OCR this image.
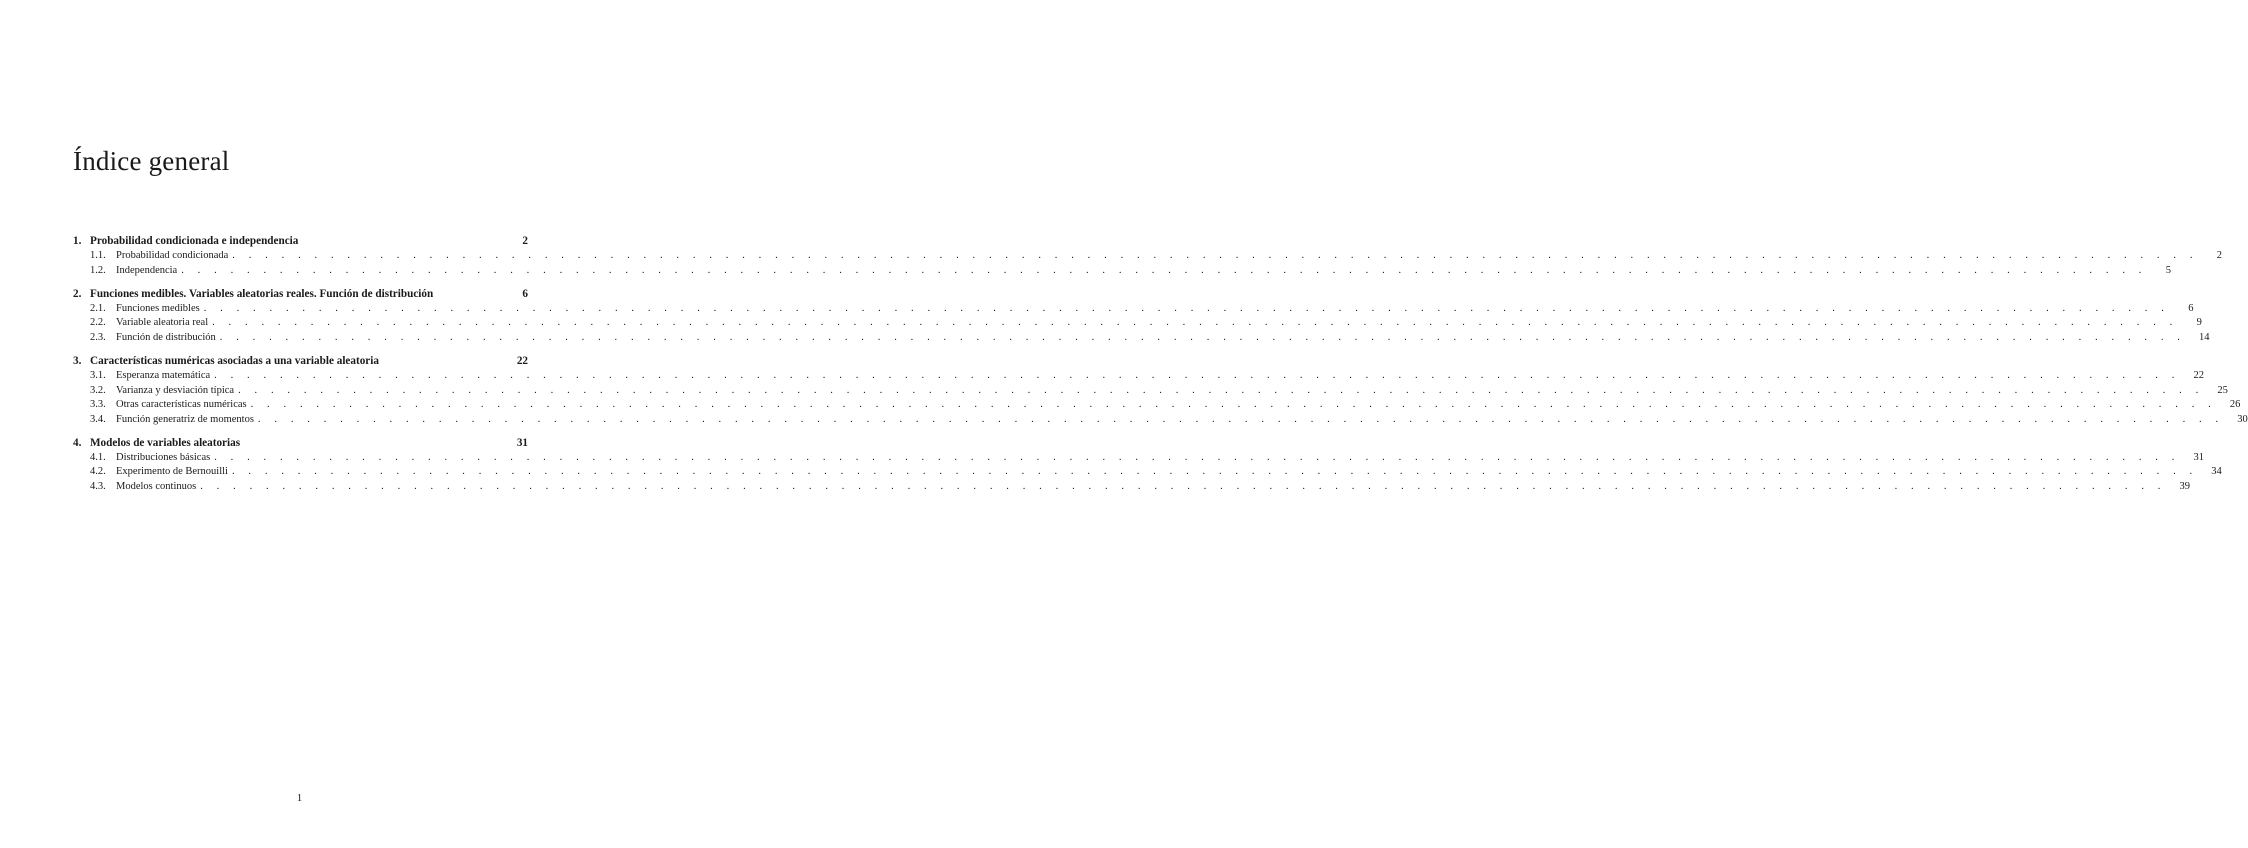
Índice general
1. Probabilidad condicionada e independencia	2
1.1. Probabilidad condicionada . . . . . . . . . . . . . . . . . . . . . . . . . . . . . . . . . . . . . . . . . . . . . . . . . . . . . . . . . . . . . . . . . . . . . . . . . . . . . . . . . . . . . . . . . . . . . . . . . . . . . . . . . . . . . . . . . . . . . . . .	2
1.2. Independencia . . . . . . . . . . . . . . . . . . . . . . . . . . . . . . . . . . . . . . . . . . . . . . . . . . . . . . . . . . . . . . . . . . . . . . . . . . . . . . . . . . . . . . . . . . . . . . . . . . . . . . . . . . . . . . . . . . . . . . . .	5
2. Funciones medibles. Variables aleatorias reales. Función de distribución	6
2.1. Funciones medibles . . . . . . . . . . . . . . . . . . . . . . . . . . . . . . . . . . . . . . . . . . . . . . . . . . . . . . . . . . . . . . . . . . . . . . . . . . . . . . . . . . . . . . . . . . . . . . . . . . . . . . . . . . . . . . . . . . . . . . . .	6
2.2. Variable aleatoria real . . . . . . . . . . . . . . . . . . . . . . . . . . . . . . . . . . . . . . . . . . . . . . . . . . . . . . . . . . . . . . . . . . . . . . . . . . . . . . . . . . . . . . . . . . . . . . . . . . . . . . . . . . . . . . . . . . . . . . . .	9
2.3. Función de distribución . . . . . . . . . . . . . . . . . . . . . . . . . . . . . . . . . . . . . . . . . . . . . . . . . . . . . . . . . . . . . . . . . . . . . . . . . . . . . . . . . . . . . . . . . . . . . . . . . . . . . . . . . . . . . . . . . . . . . . . .	14
3. Características numéricas asociadas a una variable aleatoria	22
3.1. Esperanza matemática . . . . . . . . . . . . . . . . . . . . . . . . . . . . . . . . . . . . . . . . . . . . . . . . . . . . . . . . . . . . . . . . . . . . . . . . . . . . . . . . . . . . . . . . . . . . . . . . . . . . . . . . . . . . . . . . . . . . . . . .	22
3.2. Varianza y desviación típica . . . . . . . . . . . . . . . . . . . . . . . . . . . . . . . . . . . . . . . . . . . . . . . . . . . . . . . . . . . . . . . . . . . . . . . . . . . . . . . . . . . . . . . . . . . . . . . . . . . . . . . . . . . . . . . . . . . . . . . .	25
3.3. Otras características numéricas . . . . . . . . . . . . . . . . . . . . . . . . . . . . . . . . . . . . . . . . . . . . . . . . . . . . . . . . . . . . . . . . . . . . . . . . . . . . . . . . . . . . . . . . . . . . . . . . . . . . . . . . . . . . . . . . . . . . . . . .	26
3.4. Función generatriz de momentos . . . . . . . . . . . . . . . . . . . . . . . . . . . . . . . . . . . . . . . . . . . . . . . . . . . . . . . . . . . . . . . . . . . . . . . . . . . . . . . . . . . . . . . . . . . . . . . . . . . . . . . . . . . . . . . . . . . . . . . .	30
4. Modelos de variables aleatorias	31
4.1. Distribuciones básicas . . . . . . . . . . . . . . . . . . . . . . . . . . . . . . . . . . . . . . . . . . . . . . . . . . . . . . . . . . . . . . . . . . . . . . . . . . . . . . . . . . . . . . . . . . . . . . . . . . . . . . . . . . . . . . . . . . . . . . . .	31
4.2. Experimento de Bernouilli . . . . . . . . . . . . . . . . . . . . . . . . . . . . . . . . . . . . . . . . . . . . . . . . . . . . . . . . . . . . . . . . . . . . . . . . . . . . . . . . . . . . . . . . . . . . . . . . . . . . . . . . . . . . . . . . . . . . . . . .	34
4.3. Modelos continuos . . . . . . . . . . . . . . . . . . . . . . . . . . . . . . . . . . . . . . . . . . . . . . . . . . . . . . . . . . . . . . . . . . . . . . . . . . . . . . . . . . . . . . . . . . . . . . . . . . . . . . . . . . . . . . . . . . . . . . . .	39
1
